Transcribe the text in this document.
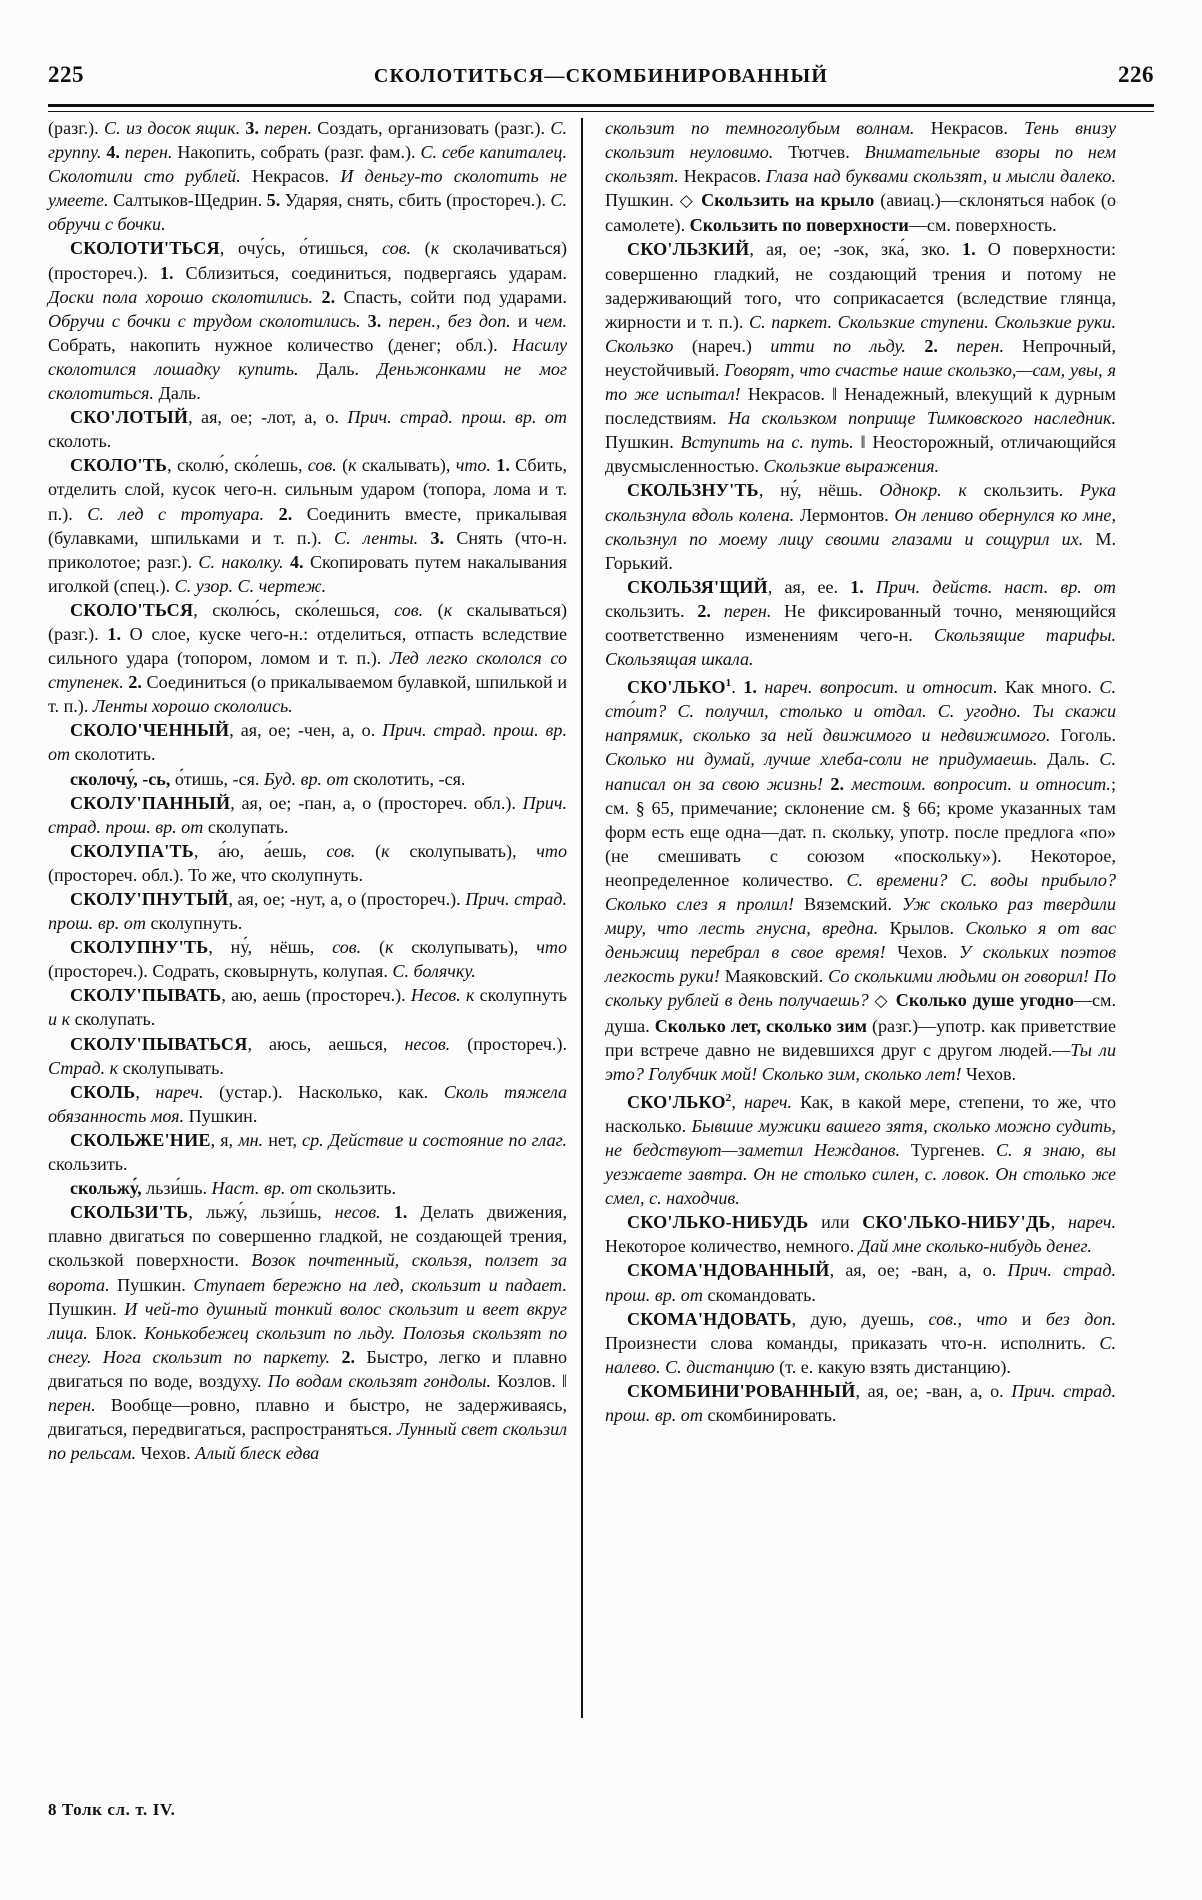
225	СКОЛОТИТЬСЯ—СКОМБИНИРОВАННЫЙ	226

(разг.). С. из досок ящик. 3. перен. Создать, организовать (разг.). С. группу. 4. перен. Накопить, собрать (разг. фам.). С. себе капиталец. Сколотили сто рублей. Некрасов. И деньгу-то сколотить не умеете. Салтыков-Щедрин. 5. Ударяя, снять, сбить (простореч.). С. обручи с бочки.

СКОЛОТИ'ТЬСЯ, очу́сь, о́тишься, сов. (к сколачиваться) (простореч.). 1. Сблизиться, соединиться, подвергаясь ударам. Доски пола хорошо сколотились. 2. Спасть, сойти под ударами. Обручи с бочки с трудом сколотились. 3. перен., без доп. и чем. Собрать, накопить нужное количество (денег; обл.). Насилу сколотился лошадку купить. Даль. Деньжонками не мог сколотиться. Даль.

СКО'ЛОТЫЙ, ая, ое; -лот, а, о. Прич. страд. прош. вр. от сколоть.

СКОЛО'ТЬ, сколю́, ско́лешь, сов. (к скалывать), что. 1. Сбить, отделить слой, кусок чего-н. сильным ударом (топора, лома и т. п.). С. лед с тротуара. 2. Соединить вместе, прикалывая (булавками, шпильками и т. п.). С. ленты. 3. Снять (что-н. приколотое; разг.). С. наколку. 4. Скопировать путем накалывания иголкой (спец.). С. узор. С. чертеж.

СКОЛО'ТЬСЯ, сколю́сь, ско́лешься, сов. (к скалываться) (разг.). 1. О слое, куске чего-н.: отделиться, отпасть вследствие сильного удара (топором, ломом и т. п.). Лед легко скололся со ступенек. 2. Соединиться (о прикалываемом булавкой, шпилькой и т. п.). Ленты хорошо скололись.

СКОЛО'ЧЕННЫЙ, ая, ое; -чен, а, о. Прич. страд. прош. вр. от сколотить.

сколочу́, -сь, о́тишь, -ся. Буд. вр. от сколотить, -ся.

СКОЛУ'ПАННЫЙ, ая, ое; -пан, а, о (простореч. обл.). Прич. страд. прош. вр. от сколупать.

СКОЛУПА'ТЬ, а́ю, а́ешь, сов. (к сколупывать), что (простореч. обл.). То же, что сколупнуть.

СКОЛУ'ПНУТЫЙ, ая, ое; -нут, а, о (простореч.). Прич. страд. прош. вр. от сколупнуть.

СКОЛУПНУ'ТЬ, ну́, нёшь, сов. (к сколупывать), что (простореч.). Содрать, сковырнуть, колупая. С. болячку.

СКОЛУ'ПЫВАТЬ, аю, аешь (простореч.). Несов. к сколупнуть и к сколупать.

СКОЛУ'ПЫВАТЬСЯ, аюсь, аешься, несов. (простореч.). Страд. к сколупывать.

СКОЛЬ, нареч. (устар.). Насколько, как. Сколь тяжела обязанность моя. Пушкин.

СКОЛЬЖЕ'НИЕ, я, мн. нет, ср. Действие и состояние по глаг. скользить.

скольжу́, льзи́шь. Наст. вр. от скользить.

СКОЛЬЗИ'ТЬ, льжу́, льзи́шь, несов. 1. Делать движения, плавно двигаться по совершенно гладкой, не создающей трения, скользкой поверхности. Возок почтенный, скользя, ползет за ворота. Пушкин. Ступает бережно на лед, скользит и падает. Пушкин. И чей-то душный тонкий волос скользит и веет вкруг лица. Блок. Конькобежец скользит по льду. Полозья скользят по снегу. Нога скользит по паркету. 2. Быстро, легко и плавно двигаться по воде, воздуху. По водам скользят гондолы. Козлов. ‖ перен. Вообще—ровно, плавно и быстро, не задерживаясь, двигаться, передвигаться, распространяться. Лунный свет скользил по рельсам. Чехов. Алый блеск едва

скользит по темноголубым волнам. Некрасов. Тень внизу скользит неуловимо. Тютчев. Внимательные взоры по нем скользят. Некрасов. Глаза над буквами скользят, и мысли далеко. Пушкин. ◇ Скользить на крыло (авиац.)—склоняться набок (о самолете). Скользить по поверхности—см. поверхность.

СКО'ЛЬЗКИЙ, ая, ое; -зок, зка́, зко. 1. О поверхности: совершенно гладкий, не создающий трения и потому не задерживающий того, что соприкасается (вследствие глянца, жирности и т. п.). С. паркет. Скользкие ступени. Скользкие руки. Скользко (нареч.) итти по льду. 2. перен. Непрочный, неустойчивый. Говорят, что счастье наше скользко,—сам, увы, я то же испытал! Некрасов. ‖ Ненадежный, влекущий к дурным последствиям. На скользком поприще Тимковского наследник. Пушкин. Вступить на с. путь. ‖ Неосторожный, отличающийся двусмысленностью. Скользкие выражения.

СКОЛЬЗНУ'ТЬ, ну́, нёшь. Однокр. к скользить. Рука скользнула вдоль колена. Лермонтов. Он лениво обернулся ко мне, скользнул по моему лицу своими глазами и сощурил их. М. Горький.

СКОЛЬЗЯ'ЩИЙ, ая, ее. 1. Прич. действ. наст. вр. от скользить. 2. перен. Не фиксированный точно, меняющийся соответственно изменениям чего-н. Скользящие тарифы. Скользящая шкала.

СКО'ЛЬКО$^1$. 1. нареч. вопросит. и относит. Как много. С. сто́ит? С. получил, столько и отдал. С. угодно. Ты скажи напрямик, сколько за ней движимого и недвижимого. Гоголь. Сколько ни думай, лучше хлеба-соли не придумаешь. Даль. С. написал он за свою жизнь! 2. местоим. вопросит. и относит.; см. § 65, примечание; склонение см. § 66; кроме указанных там форм есть еще одна—дат. п. скольку, употр. после предлога «по» (не смешивать с союзом «поскольку»). Некоторое, неопределенное количество. С. времени? С. воды прибыло? Сколько слез я пролил! Вяземский. Уж сколько раз твердили миру, что лесть гнусна, вредна. Крылов. Сколько я от вас деньжищ перебрал в свое время! Чехов. У скольких поэтов легкость руки! Маяковский. Со сколькими людьми он говорил! По скольку рублей в день получаешь? ◇ Сколько душе угодно—см. душа. Сколько лет, сколько зим (разг.)—употр. как приветствие при встрече давно не видевшихся друг с другом людей.—Ты ли это? Голубчик мой! Сколько зим, сколько лет! Чехов.

СКО'ЛЬКО$^2$, нареч. Как, в какой мере, степени, то же, что насколько. Бывшие мужики вашего зятя, сколько можно судить, не бедствуют—заметил Нежданов. Тургенев. С. я знаю, вы уезжаете завтра. Он не столько силен, с. ловок. Он столько же смел, с. находчив.

СКО'ЛЬКО-НИБУДЬ или СКО'ЛЬКО-НИБУ'ДЬ, нареч. Некоторое количество, немного. Дай мне сколько-нибудь денег.

СКОМА'НДОВАННЫЙ, ая, ое; -ван, а, о. Прич. страд. прош. вр. от скомандовать.

СКОМА'НДОВАТЬ, дую, дуешь, сов., что и без доп. Произнести слова команды, приказать что-н. исполнить. С. налево. С. дистанцию (т. е. какую взять дистанцию).

СКОМБИНИ'РОВАННЫЙ, ая, ое; -ван, а, о. Прич. страд. прош. вр. от скомбинировать.

8 Толк сл. т. IV.
